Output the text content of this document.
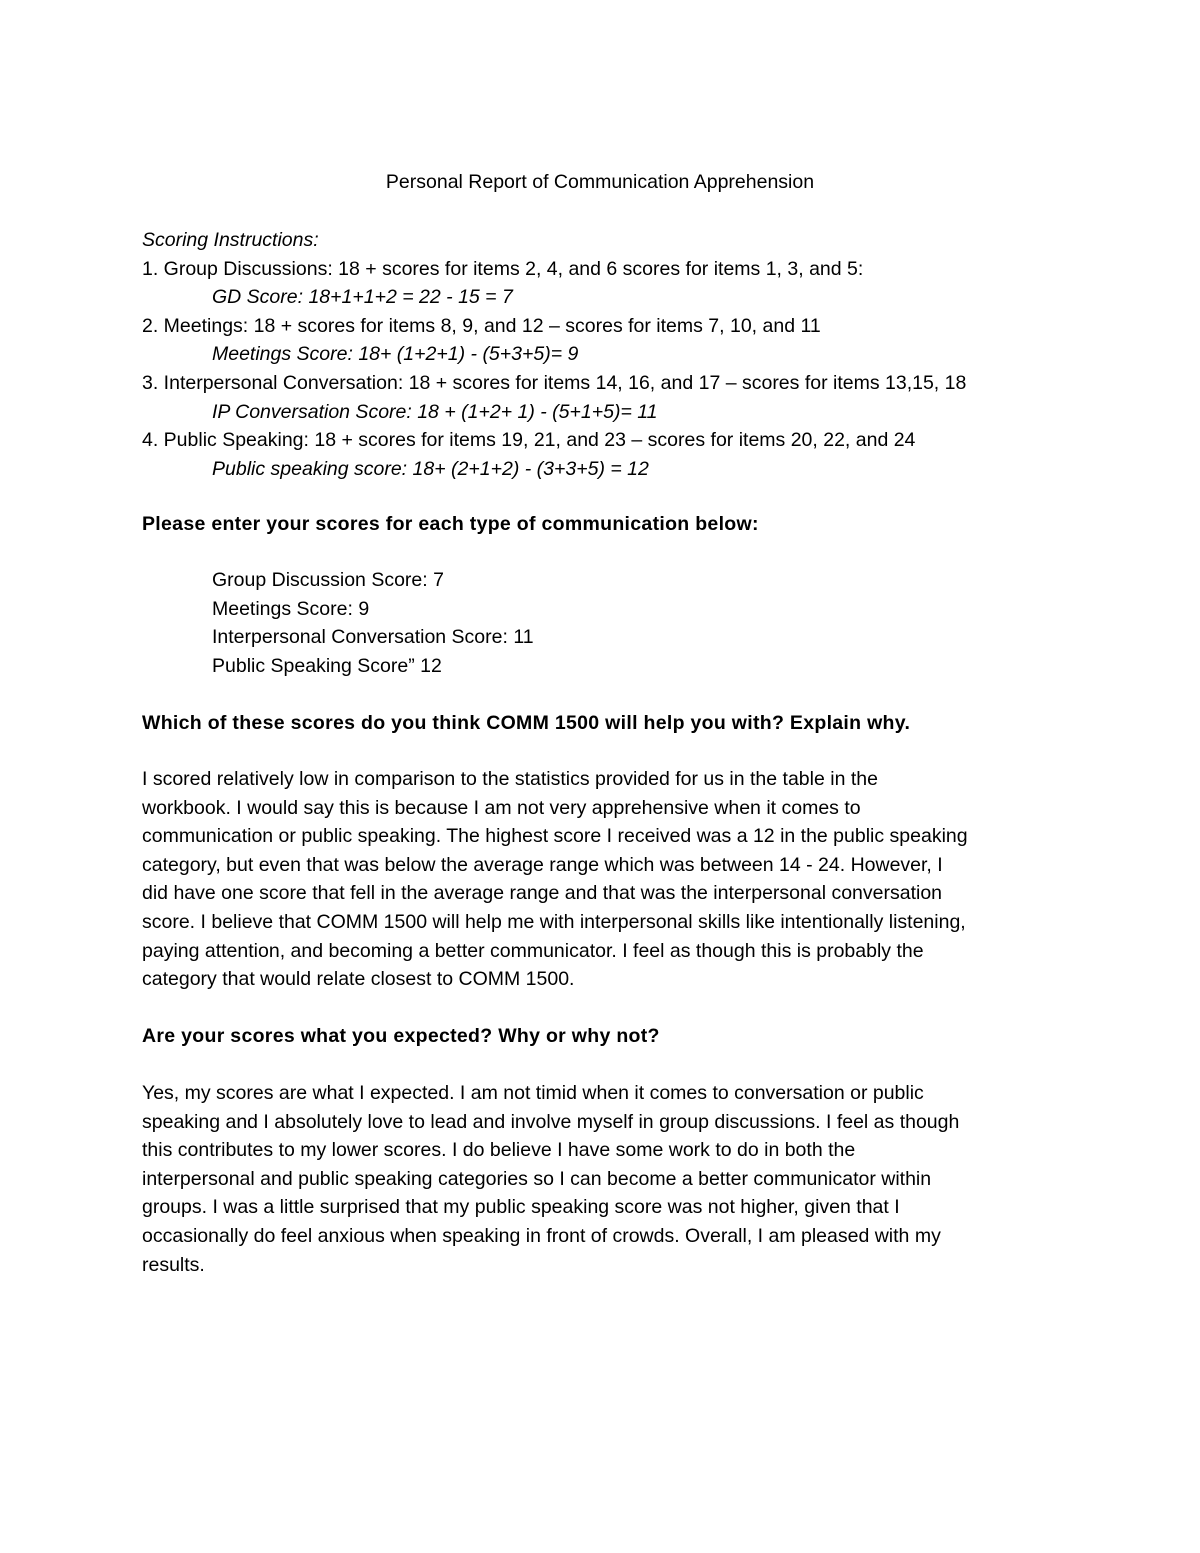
Personal Report of Communication Apprehension
Scoring Instructions:
1. Group Discussions: 18 + scores for items 2, 4, and 6 scores for items 1, 3, and 5:
GD Score: 18+1+1+2 = 22 - 15 = 7
2. Meetings: 18 + scores for items 8, 9, and 12 – scores for items 7, 10, and 11
Meetings Score: 18+ (1+2+1) - (5+3+5)= 9
3. Interpersonal Conversation: 18 + scores for items 14, 16, and 17 – scores for items 13,15, 18
IP Conversation Score: 18 + (1+2+ 1) - (5+1+5)= 11
4. Public Speaking: 18 + scores for items 19, 21, and 23 – scores for items 20, 22, and 24
Public speaking score: 18+ (2+1+2) - (3+3+5) = 12
Please enter your scores for each type of communication below:
Group Discussion Score: 7
Meetings Score: 9
Interpersonal Conversation Score: 11
Public Speaking Score” 12
Which of these scores do you think COMM 1500 will help you with? Explain why.

I scored relatively low in comparison to the statistics provided for us in the table in the
workbook. I would say this is because I am not very apprehensive when it comes to
communication or public speaking. The highest score I received was a 12 in the public speaking
category, but even that was below the average range which was between 14 - 24. However, I
did have one score that fell in the average range and that was the interpersonal conversation
score. I believe that COMM 1500 will help me with interpersonal skills like intentionally listening,
paying attention, and becoming a better communicator. I feel as though this is probably the
category that would relate closest to COMM 1500.

Are your scores what you expected? Why or why not?

Yes, my scores are what I expected. I am not timid when it comes to conversation or public
speaking and I absolutely love to lead and involve myself in group discussions. I feel as though
this contributes to my lower scores. I do believe I have some work to do in both the
interpersonal and public speaking categories so I can become a better communicator within
groups. I was a little surprised that my public speaking score was not higher, given that I
occasionally do feel anxious when speaking in front of crowds. Overall, I am pleased with my
results.
